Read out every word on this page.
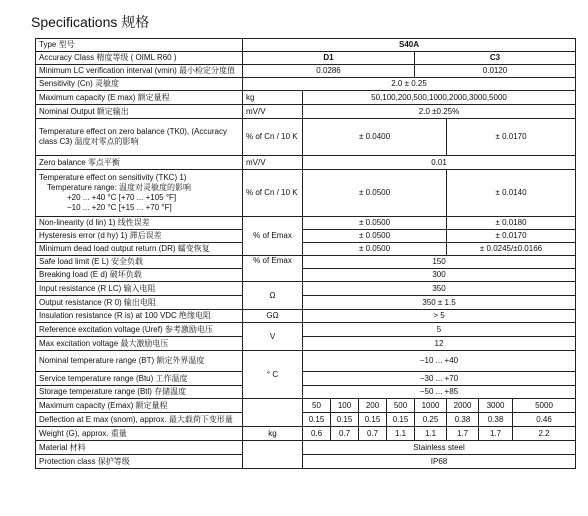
Specifications 规格
Type 型号	S40A								
Accuracy Class 精度等级 ( OIML R60 )	D1					C3			
Minimum LC verification interval (vmin) 最小检定分度值	0.0286					0.0120			
Sensitivity (Cn) 灵敏度	2.0 ± 0.25								
Maximum capacity (E max) 额定量程	kg	50,100,200,500,1000,2000,3000,5000							
Nominal Output 额定输出	mV/V	2.0 ±0.25%							
Temperature effect on zero balance (TK0), (Accuracy class C3) 温度对零点的影响	% of Cn / 10 K	± 0.0400					± 0.0170		
Zero balance 零点平衡	mV/V	0.01							

Temperature effect on sensitivity (TKC) 1)
Temperature range: 温度对灵敏度的影响
+20 ... +40 °C [+70 ... +105 °F]
−10 ... +20 °C [+15 ... +70 °F]	% of Cn / 10 K	± 0.0500					± 0.0140		
Non-linearity (d lin) 1) 线性误差	% of Emax	± 0.0500					± 0.0180		
Hysteresis error (d hy) 1) 滞后误差		± 0.0500					± 0.0170		
Minimum dead load output return (DR) 蠕变恢复		± 0.0500					± 0.0245/±0.0166		
Safe load limit (E L) 安全负载	% of Emax	150							
Breaking load (E d) 破坏负载		300							
Input resistance (R LC) 输入电阻	Ω	350							
Output resistance (R 0) 输出电阻		350 ± 1.5							
Insulation resistance (R is) at 100 VDC 绝缘电阻	GΩ	> 5							
Reference excitation voltage (Uref) 参考激励电压	V	5							
Max excitation voltage 最大激励电压		12							
Nominal temperature range (BT) 额定外界温度	° C	−10 ... +40							
Service temperature range (Btu) 工作温度		−30 ... +70							
Storage temperature range (Btl) 存储温度		−50 ... +85							
Maximum capacity (Emax) 额定量程		50	100	200	500	1000	2000	3000	5000
Deflection at E max (snom), approx. 最大载荷下变形量		0.15	0.15	0.15	0.15	0.25	0.38	0.38	0.46
Weight (G), approx. 重量	kg	0.6	0.7	0.7	1.1	1.1	1.7	1.7	2.2
Material 材料		Stainless steel							
Protection class 保护等级		IP68							
